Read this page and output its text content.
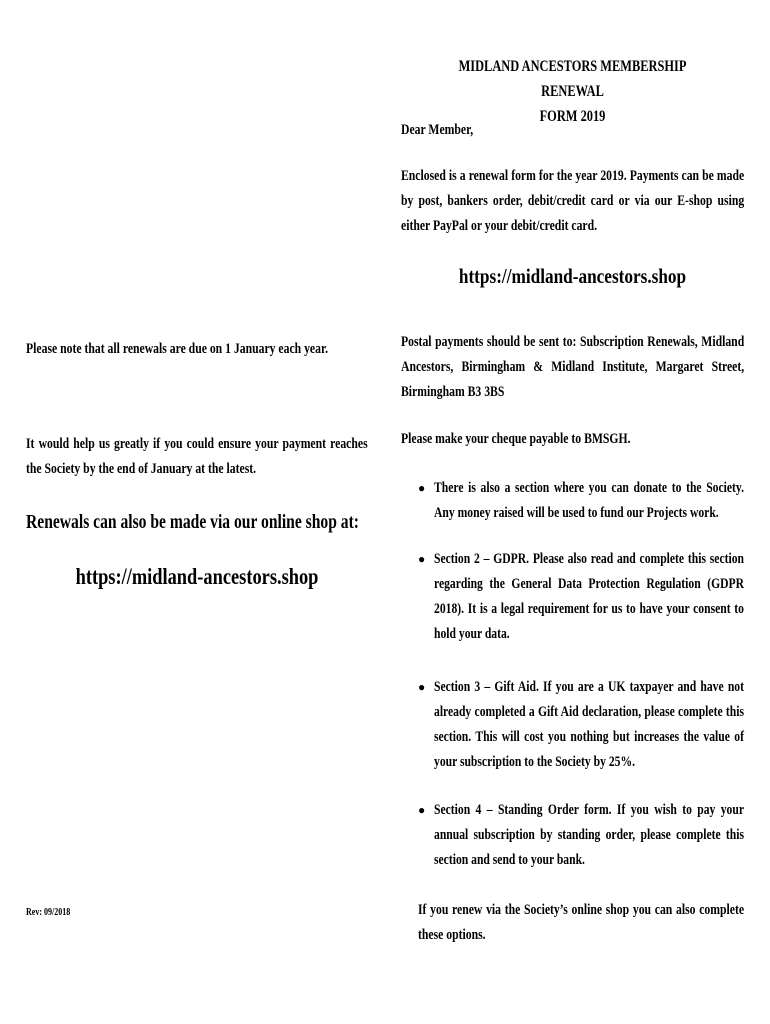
MIDLAND ANCESTORS MEMBERSHIP RENEWAL
FORM 2019
Dear Member,
Enclosed is a renewal form for the year 2019. Payments can be made by post, bankers order, debit/credit card or via our E-shop using either PayPal or your debit/credit card.
https://midland-ancestors.shop
Postal payments should be sent to: Subscription Renewals, Midland Ancestors, Birmingham & Midland Institute, Margaret Street, Birmingham B3 3BS
Please make your cheque payable to BMSGH.
● There is also a section where you can donate to the Society. Any money raised will be used to fund our Projects work.
● Section 2 – GDPR. Please also read and complete this section regarding the General Data Protection Regulation (GDPR 2018). It is a legal requirement for us to have your consent to hold your data.
● Section 3 – Gift Aid. If you are a UK taxpayer and have not already completed a Gift Aid declaration, please complete this section. This will cost you nothing but increases the value of your subscription to the Society by 25%.
● Section 4 – Standing Order form. If you wish to pay your annual subscription by standing order, please complete this section and send to your bank.
If you renew via the Society’s online shop you can also complete these options.
Please note that all renewals are due on 1 January each year.
It would help us greatly if you could ensure your payment reaches the Society by the end of January at the latest.
Renewals can also be made via our online shop at:
https://midland-ancestors.shop
Rev: 09/2018
